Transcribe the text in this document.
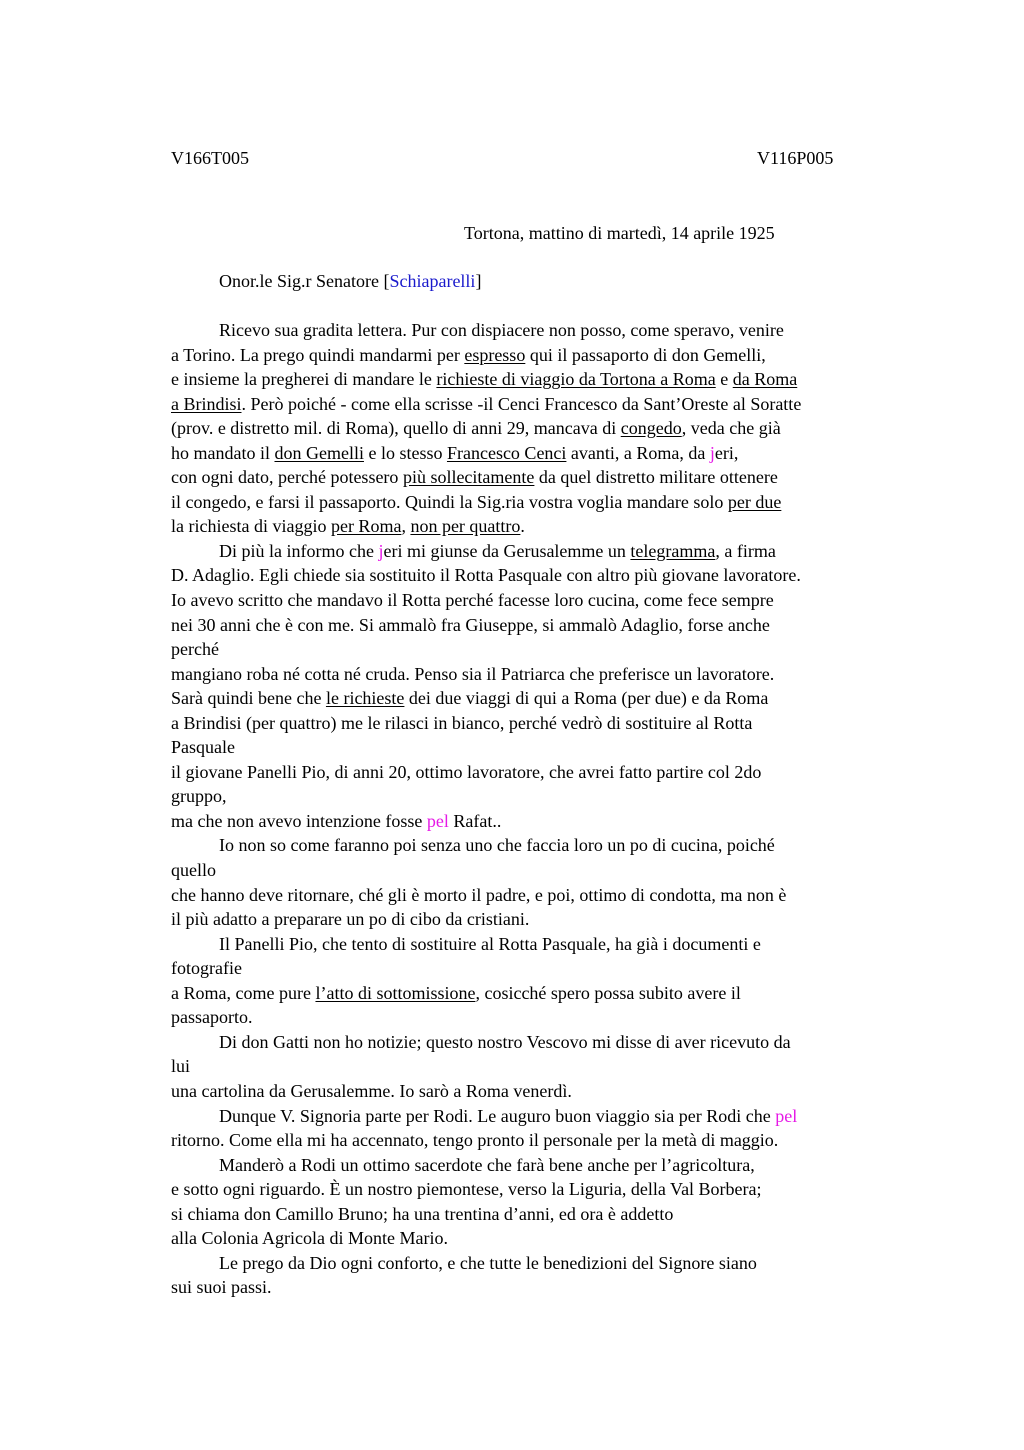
V166T005	V116P005
Tortona, mattino di martedì, 14 aprile 1925
Onor.le Sig.r Senatore [Schiaparelli]
Ricevo sua gradita lettera. Pur con dispiacere non posso, come speravo, venire
a Torino. La prego quindi mandarmi per espresso qui il passaporto di don Gemelli,
e insieme la pregherei di mandare le richieste di viaggio da Tortona a Roma e da Roma
a Brindisi. Però poiché - come ella scrisse -il Cenci Francesco da Sant’Oreste al Soratte
(prov. e distretto mil. di Roma), quello di anni 29, mancava di congedo, veda che già
ho mandato il don Gemelli e lo stesso Francesco Cenci avanti, a Roma, da jeri,
con ogni dato, perché potessero più sollecitamente da quel distretto militare ottenere
il congedo, e farsi il passaporto. Quindi la Sig.ria vostra voglia mandare solo per due
la richiesta di viaggio per Roma, non per quattro.
Di più la informo che jeri mi giunse da Gerusalemme un telegramma, a firma
D. Adaglio. Egli chiede sia sostituito il Rotta Pasquale con altro più giovane lavoratore.
Io avevo scritto che mandavo il Rotta perché facesse loro cucina, come fece sempre
nei 30 anni che è con me. Si ammalò fra Giuseppe, si ammalò Adaglio, forse anche
perché
mangiano roba né cotta né cruda. Penso sia il Patriarca che preferisce un lavoratore.
Sarà quindi bene che le richieste dei due viaggi di qui a Roma (per due) e da Roma
a Brindisi (per quattro) me le rilasci in bianco, perché vedrò di sostituire al Rotta
Pasquale
il giovane Panelli Pio, di anni 20, ottimo lavoratore, che avrei fatto partire col 2do
gruppo,
ma che non avevo intenzione fosse pel Rafat..
Io non so come faranno poi senza uno che faccia loro un po di cucina, poiché
quello
che hanno deve ritornare, ché gli è morto il padre, e poi, ottimo di condotta, ma non è
il più adatto a preparare un po di cibo da cristiani.
Il Panelli Pio, che tento di sostituire al Rotta Pasquale, ha già i documenti e
fotografie
a Roma, come pure l’atto di sottomissione, cosicché spero possa subito avere il
passaporto.
Di don Gatti non ho notizie; questo nostro Vescovo mi disse di aver ricevuto da
lui
una cartolina da Gerusalemme. Io sarò a Roma venerdì.
Dunque V. Signoria parte per Rodi. Le auguro buon viaggio sia per Rodi che pel
ritorno. Come ella mi ha accennato, tengo pronto il personale per la metà di maggio.
Manderò a Rodi un ottimo sacerdote che farà bene anche per l’agricoltura,
e sotto ogni riguardo. È un nostro piemontese, verso la Liguria, della Val Borbera;
si chiama don Camillo Bruno; ha una trentina d’anni, ed ora è addetto
alla Colonia Agricola di Monte Mario.
Le prego da Dio ogni conforto, e che tutte le benedizioni del Signore siano
sui suoi passi.
